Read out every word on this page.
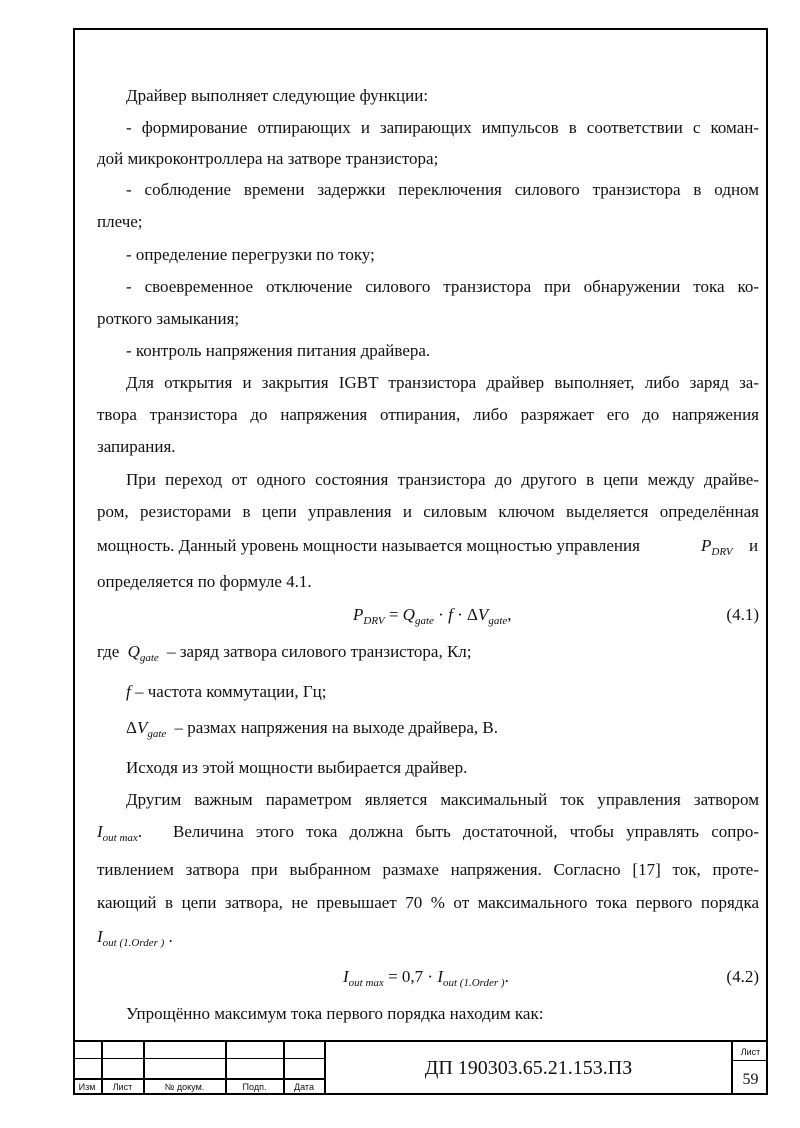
Драйвер выполняет следующие функции:
- формирование отпирающих и запирающих импульсов в соответствии с коман-
дой микроконтроллера на затворе транзистора;
- соблюдение времени задержки переключения силового транзистора в одном
плече;
- определение перегрузки по току;
- своевременное отключение силового транзистора при обнаружении тока ко-
роткого замыкания;
- контроль напряжения питания драйвера.
Для открытия и закрытия IGBT транзистора драйвер выполняет, либо заряд за-
твора транзистора до напряжения отпирания, либо разряжает его до напряжения
запирания.
При переход от одного состояния транзистора до другого в цепи между драйве-
ром, резисторами в цепи управления и силовым ключом выделяется определённая
мощность. Данный уровень мощности называется мощностью управления	$P_{DRV}$ и
определяется по формуле 4.1.
$P_{DRV} = Q_{gate} \cdot f \cdot \Delta V_{gate}$,	(4.1)
где $Q_{gate}$ – заряд затвора силового транзистора, Кл;
f – частота коммутации, Гц;
$\Delta V_{gate}$ – размах напряжения на выходе драйвера, В.
Исходя из этой мощности выбирается драйвер.
Другим важным параметром является максимальный ток управления затвором
$I_{out max}$. Величина этого тока должна быть достаточной, чтобы управлять сопро-
тивлением затвора при выбранном размахе напряжения. Согласно [17] ток, проте-
кающий в цепи затвора, не превышает 70 % от максимального тока первого порядка
$I_{out (1.Order )}$ .
$I_{out max} = 0,7 \cdot I_{out (1.Order )}$.	(4.2)
Упрощённо максимум тока первого порядка находим как:
Изм	Лист	№ докум.	Подп.	Дата
ДП 190303.65.21.153.ПЗ
Лист
59
